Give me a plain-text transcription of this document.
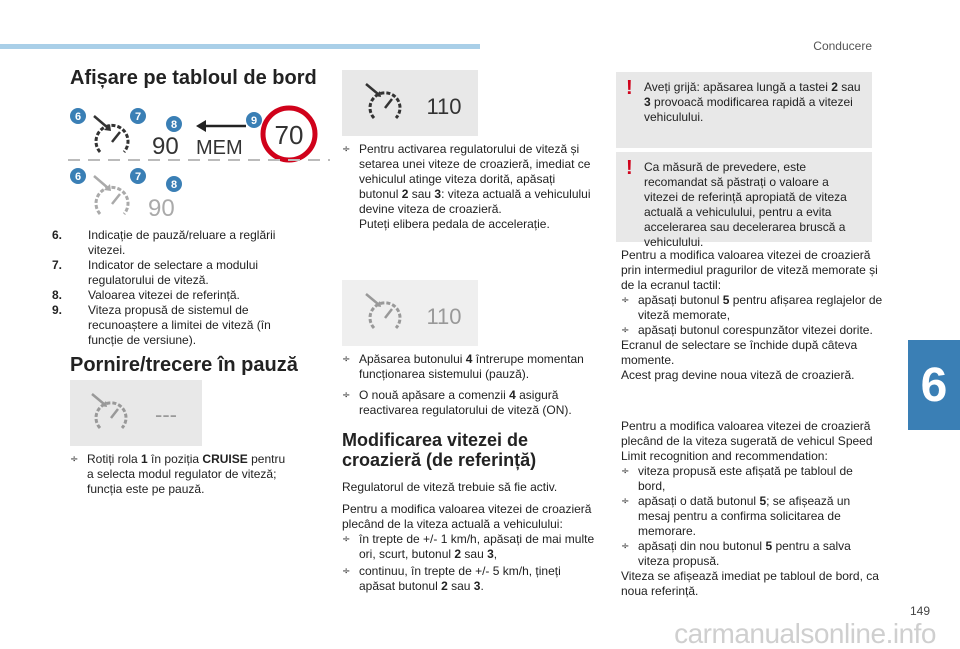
Conducere
6
Afișare pe tabloul de bord
90 MEM 70
6	7
8	9
90
6	7
8

6. Indicație de pauză/reluare a reglării vitezei.

7. Indicator de selectare a modului regulatorului de viteză.

8. Valoarea vitezei de referință.

9. Viteza propusă de sistemul de recunoaștere a limitei de viteză (în funcție de versiune).

Pornire/trecere în pauză
---
÷ Rotiți rola 1 în poziția CRUISE pentru a selecta modul regulator de viteză; funcția este pe pauză.
110
÷ Pentru activarea regulatorului de viteză și setarea unei viteze de croazieră, imediat ce vehiculul atinge viteza dorită, apăsați butonul 2 sau 3: viteza actuală a vehiculului devine viteza de croazieră.
Puteți elibera pedala de accelerație.
110
÷ Apăsarea butonului 4 întrerupe momentan funcționarea sistemului (pauză).
÷ O nouă apăsare a comenzii 4 asigură reactivarea regulatorului de viteză (ON).
Modificarea vitezei de croazieră (de referință)
Regulatorul de viteză trebuie să fie activ.
Pentru a modifica valoarea vitezei de croazieră plecând de la viteza actuală a vehiculului:
÷ în trepte de +/- 1 km/h, apăsați de mai multe ori, scurt, butonul 2 sau 3,
÷ continuu, în trepte de +/- 5 km/h, țineți apăsat butonul 2 sau 3.
! Aveți grijă: apăsarea lungă a tastei 2 sau 3 provoacă modificarea rapidă a vitezei vehiculului.
! Ca măsură de prevedere, este recomandat să păstrați o valoare a vitezei de referință apropiată de viteza actuală a vehiculului, pentru a evita accelerarea sau decelerarea bruscă a vehiculului.
Pentru a modifica valoarea vitezei de croazieră prin intermediul pragurilor de viteză memorate și de la ecranul tactil:
÷ apăsați butonul 5 pentru afișarea reglajelor de viteză memorate,
÷ apăsați butonul corespunzător vitezei dorite.
Ecranul de selectare se închide după câteva momente.
Acest prag devine noua viteză de croazieră.
Pentru a modifica valoarea vitezei de croazieră plecând de la viteza sugerată de vehicul Speed Limit recognition and recommendation:
÷ viteza propusă este afișată pe tabloul de bord,
÷ apăsați o dată butonul 5; se afișează un mesaj pentru a confirma solicitarea de memorare.
÷ apăsați din nou butonul 5 pentru a salva viteza propusă.
Viteza se afișează imediat pe tabloul de bord, ca noua referință.
149
carmanualsonline.info
